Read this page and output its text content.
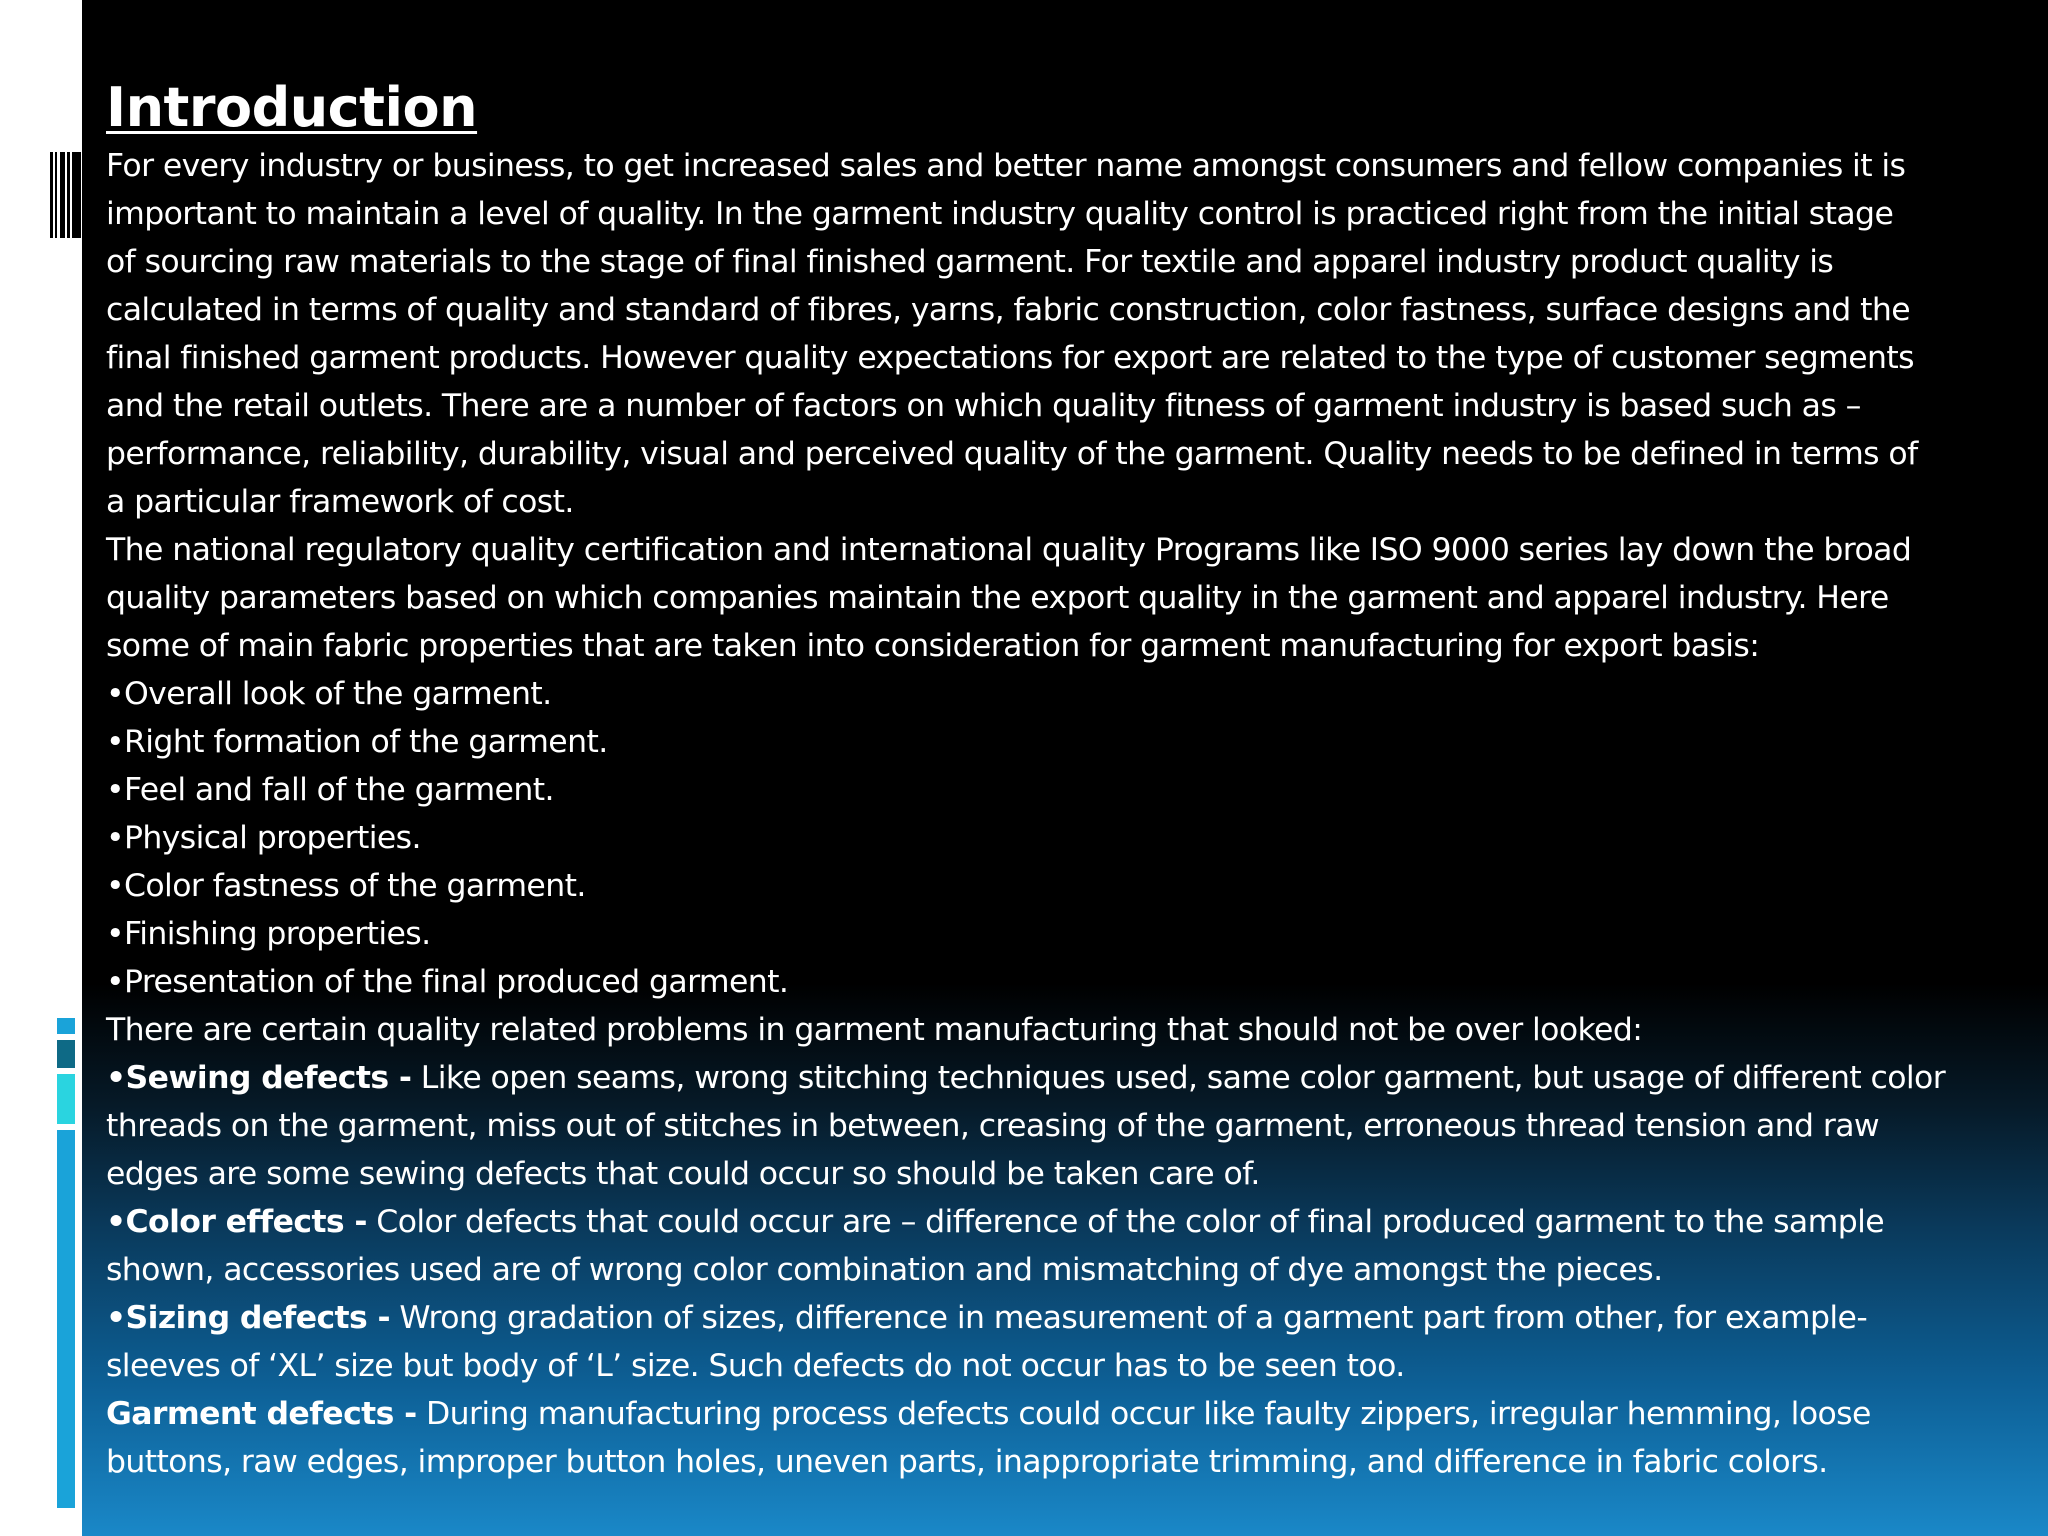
Introduction
For every industry or business, to get increased sales and better name amongst consumers and fellow companies it is
important to maintain a level of quality. In the garment industry quality control is practiced right from the initial stage
of sourcing raw materials to the stage of final finished garment. For textile and apparel industry product quality is
calculated in terms of quality and standard of fibres, yarns, fabric construction, color fastness, surface designs and the
final finished garment products. However quality expectations for export are related to the type of customer segments
and the retail outlets. There are a number of factors on which quality fitness of garment industry is based such as –
performance, reliability, durability, visual and perceived quality of the garment. Quality needs to be defined in terms of
a particular framework of cost.
The national regulatory quality certification and international quality Programs like ISO 9000 series lay down the broad
quality parameters based on which companies maintain the export quality in the garment and apparel industry. Here
some of main fabric properties that are taken into consideration for garment manufacturing for export basis:
•Overall look of the garment.
•Right formation of the garment.
•Feel and fall of the garment.
•Physical properties.
•Color fastness of the garment.
•Finishing properties.
•Presentation of the final produced garment.
There are certain quality related problems in garment manufacturing that should not be over looked:
•Sewing defects - Like open seams, wrong stitching techniques used, same color garment, but usage of different color
threads on the garment, miss out of stitches in between, creasing of the garment, erroneous thread tension and raw
edges are some sewing defects that could occur so should be taken care of.
•Color effects - Color defects that could occur are – difference of the color of final produced garment to the sample
shown, accessories used are of wrong color combination and mismatching of dye amongst the pieces.
•Sizing defects - Wrong gradation of sizes, difference in measurement of a garment part from other, for example-
sleeves of ‘XL’ size but body of ‘L’ size. Such defects do not occur has to be seen too.
Garment defects - During manufacturing process defects could occur like faulty zippers, irregular hemming, loose
buttons, raw edges, improper button holes, uneven parts, inappropriate trimming, and difference in fabric colors.
